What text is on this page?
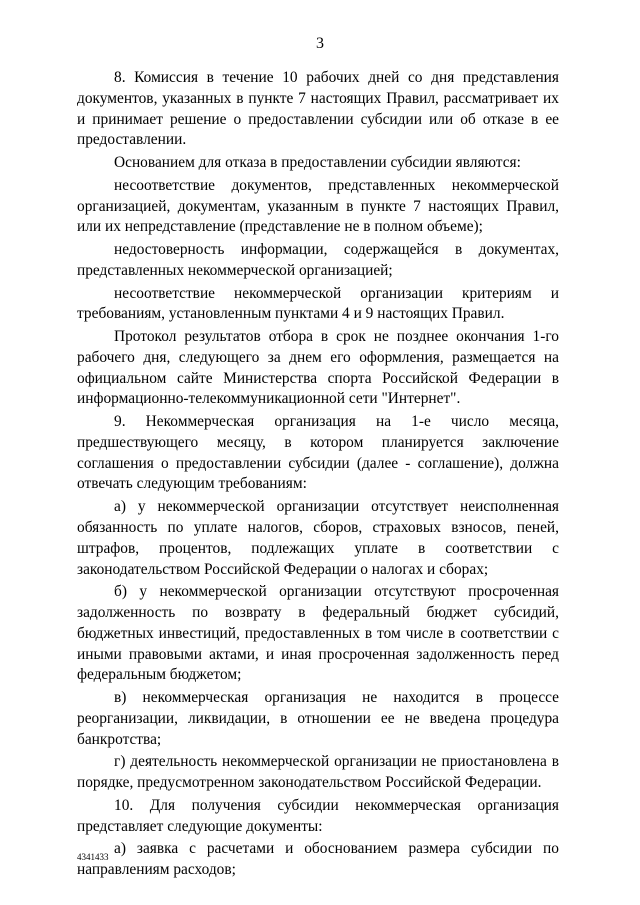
3

8. Комиссия в течение 10 рабочих дней со дня представления документов, указанных в пункте 7 настоящих Правил, рассматривает их и принимает решение о предоставлении субсидии или об отказе в ее предоставлении.

Основанием для отказа в предоставлении субсидии являются:

несоответствие документов, представленных некоммерческой организацией, документам, указанным в пункте 7 настоящих Правил, или их непредставление (представление не в полном объеме);

недостоверность информации, содержащейся в документах, представленных некоммерческой организацией;

несоответствие некоммерческой организации критериям и требованиям, установленным пунктами 4 и 9 настоящих Правил.

Протокол результатов отбора в срок не позднее окончания 1-го рабочего дня, следующего за днем его оформления, размещается на официальном сайте Министерства спорта Российской Федерации в информационно-телекоммуникационной сети "Интернет".

9. Некоммерческая организация на 1-е число месяца, предшествующего месяцу, в котором планируется заключение соглашения о предоставлении субсидии (далее - соглашение), должна отвечать следующим требованиям:

а) у некоммерческой организации отсутствует неисполненная обязанность по уплате налогов, сборов, страховых взносов, пеней, штрафов, процентов, подлежащих уплате в соответствии с законодательством Российской Федерации о налогах и сборах;

б) у некоммерческой организации отсутствуют просроченная задолженность по возврату в федеральный бюджет субсидий, бюджетных инвестиций, предоставленных в том числе в соответствии с иными правовыми актами, и иная просроченная задолженность перед федеральным бюджетом;

в) некоммерческая организация не находится в процессе реорганизации, ликвидации, в отношении ее не введена процедура банкротства;

г) деятельность некоммерческой организации не приостановлена в порядке, предусмотренном законодательством Российской Федерации.

10. Для получения субсидии некоммерческая организация представляет следующие документы:

а) заявка с расчетами и обоснованием размера субсидии по направлениям расходов;

4341433
